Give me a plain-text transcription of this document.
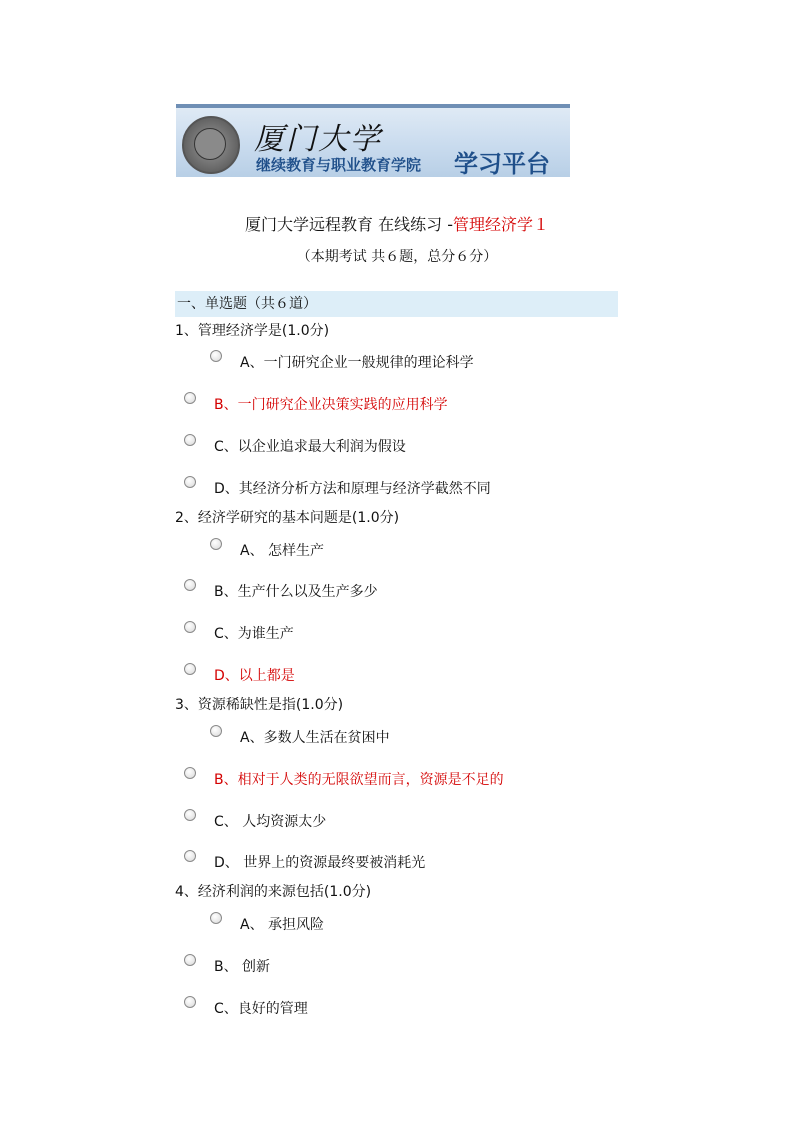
厦门大学
继续教育与职业教育学院 学习平台
厦门大学远程教育 在线练习 -管理经济学１
（本期考试 共６题，总分６分）
一、单选题（共６道）
1、管理经济学是(1.0分)
A、一门研究企业一般规律的理论科学
B、一门研究企业决策实践的应用科学
C、以企业追求最大利润为假设
D、其经济分析方法和原理与经济学截然不同
2、经济学研究的基本问题是(1.0分)
A、 怎样生产
B、生产什么以及生产多少
C、为谁生产
D、以上都是
3、资源稀缺性是指(1.0分)
A、多数人生活在贫困中
B、相对于人类的无限欲望而言，资源是不足的
C、 人均资源太少
D、 世界上的资源最终要被消耗光
4、经济利润的来源包括(1.0分)
A、 承担风险
B、 创新
C、良好的管理
